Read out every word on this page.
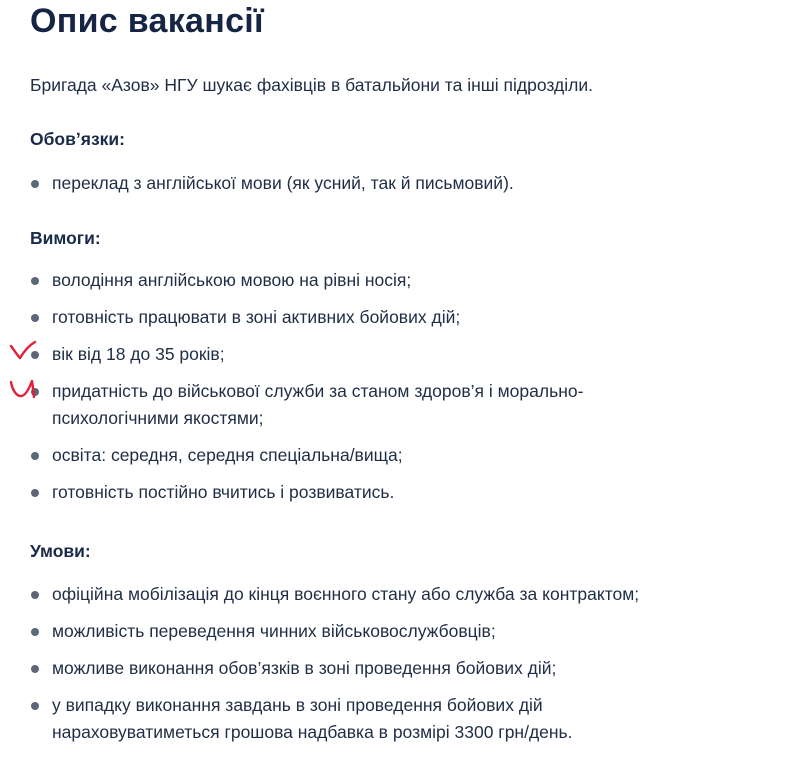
Опис вакансії

Бригада «Азов» НГУ шукає фахівців в батальйони та інші підрозділи.

Обовʼязки:
переклад з англійської мови (як усний, так й письмовий).
Вимоги:
володіння англійською мовою на рівні носія;
готовність працювати в зоні активних бойових дій;
вік від 18 до 35 років;
придатність до військової служби за станом здоров’я і морально-психологічними якостями;
освіта: середня, середня спеціальна/вища;
готовність постійно вчитись і розвиватись.
Умови:
офіційна мобілізація до кінця воєнного стану або служба за контрактом;
можливість переведення чинних військовослужбовців;
можливе виконання обов’язків в зоні проведення бойових дій;
у випадку виконання завдань в зоні проведення бойових дій нараховуватиметься грошова надбавка в розмірі 3300 грн/день.
